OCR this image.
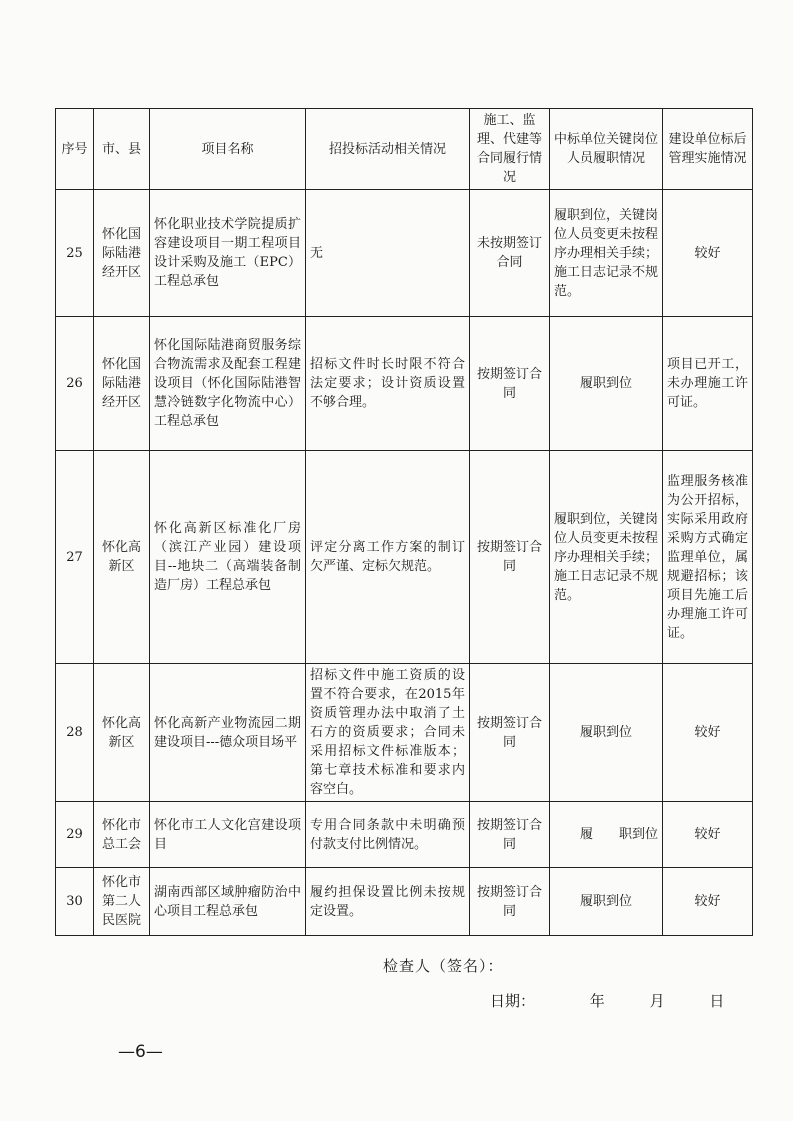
序号	市、县	项目名称	招投标活动相关情况	施工、监理、代建等合同履行情况	中标单位关键岗位人员履职情况	建设单位标后管理实施情况
25	怀化国际陆港经开区	怀化职业技术学院提质扩容建设项目一期工程项目设计采购及施工（EPC）工程总承包	无	未按期签订合同	履职到位，关键岗位人员变更未按程序办理相关手续；施工日志记录不规范。	较好
26	怀化国际陆港经开区	怀化国际陆港商贸服务综合物流需求及配套工程建设项目（怀化国际陆港智慧冷链数字化物流中心）工程总承包	招标文件时长时限不符合法定要求；设计资质设置不够合理。	按期签订合同	履职到位	项目已开工，未办理施工许可证。
27	怀化高新区	怀化高新区标准化厂房（滨江产业园）建设项目--地块二（高端装备制造厂房）工程总承包	评定分离工作方案的制订欠严谨、定标欠规范。	按期签订合同	履职到位，关键岗位人员变更未按程序办理相关手续；施工日志记录不规范。	监理服务核准为公开招标，实际采用政府采购方式确定监理单位，属规避招标；该项目先施工后办理施工许可证。
28	怀化高新区	怀化高新产业物流园二期建设项目---德众项目场平	招标文件中施工资质的设置不符合要求，在2015年资质管理办法中取消了土石方的资质要求；合同未采用招标文件标准版本；第七章技术标准和要求内容空白。	按期签订合同	履职到位	较好
29	怀化市总工会	怀化市工人文化宫建设项目	专用合同条款中未明确预付款支付比例情况。	按期签订合同	履　　职到位	较好
30	怀化市第二人民医院	湖南西部区域肿瘤防治中心项目工程总承包	履约担保设置比例未按规定设置。	按期签订合同	履职到位	较好
检查人（签名）：
日期：	年	月	日
—6—
